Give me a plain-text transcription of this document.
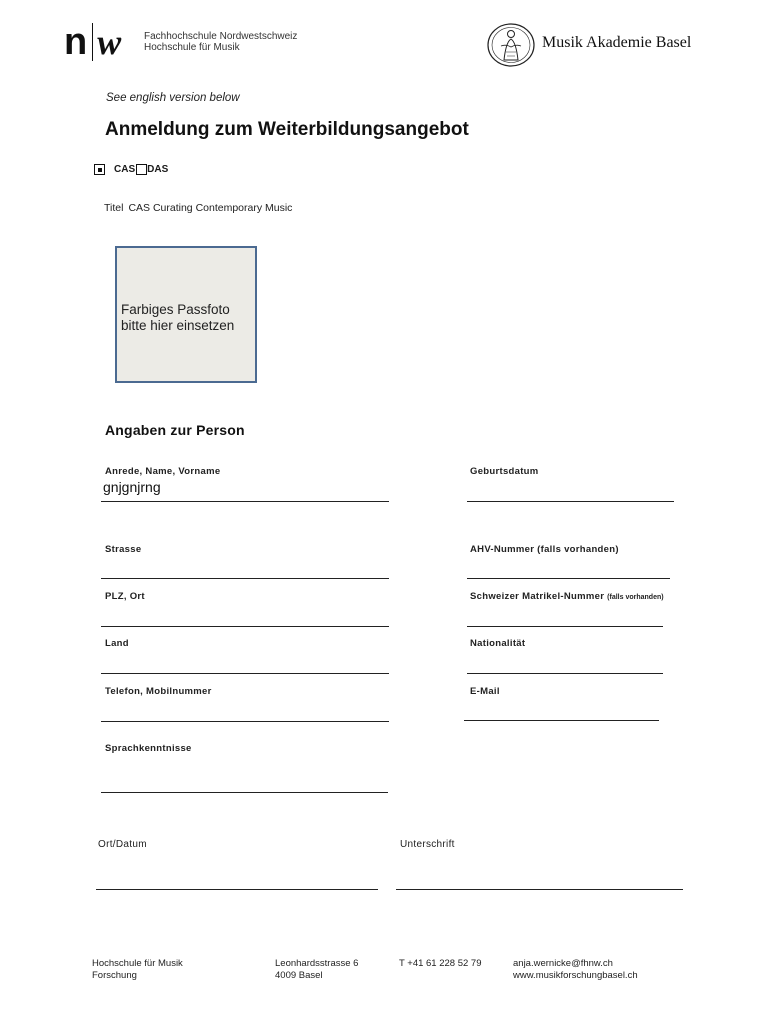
n w Fachhochschule Nordwestschweiz
Hochschule für Musik	Musik Akademie Basel
See english version below
Anmeldung zum Weiterbildungsangebot
CAS DAS
Titel CAS Curating Contemporary Music
Farbiges Passfoto
bitte hier einsetzen
Angaben zur Person
Anrede, Name, Vorname
gnjgnjrng
Strasse
PLZ, Ort
Land
Telefon, Mobilnummer
Sprachkenntnisse
Geburtsdatum
AHV-Nummer (falls vorhanden)
Schweizer Matrikel-Nummer (falls vorhanden)
Nationalität
E-Mail
Ort/Datum	Unterschrift
Hochschule für Musik
Forschung
Leonhardsstrasse 6
4009 Basel
T +41 61 228 52 79	anja.wernicke@fhnw.ch
www.musikforschungbasel.ch
